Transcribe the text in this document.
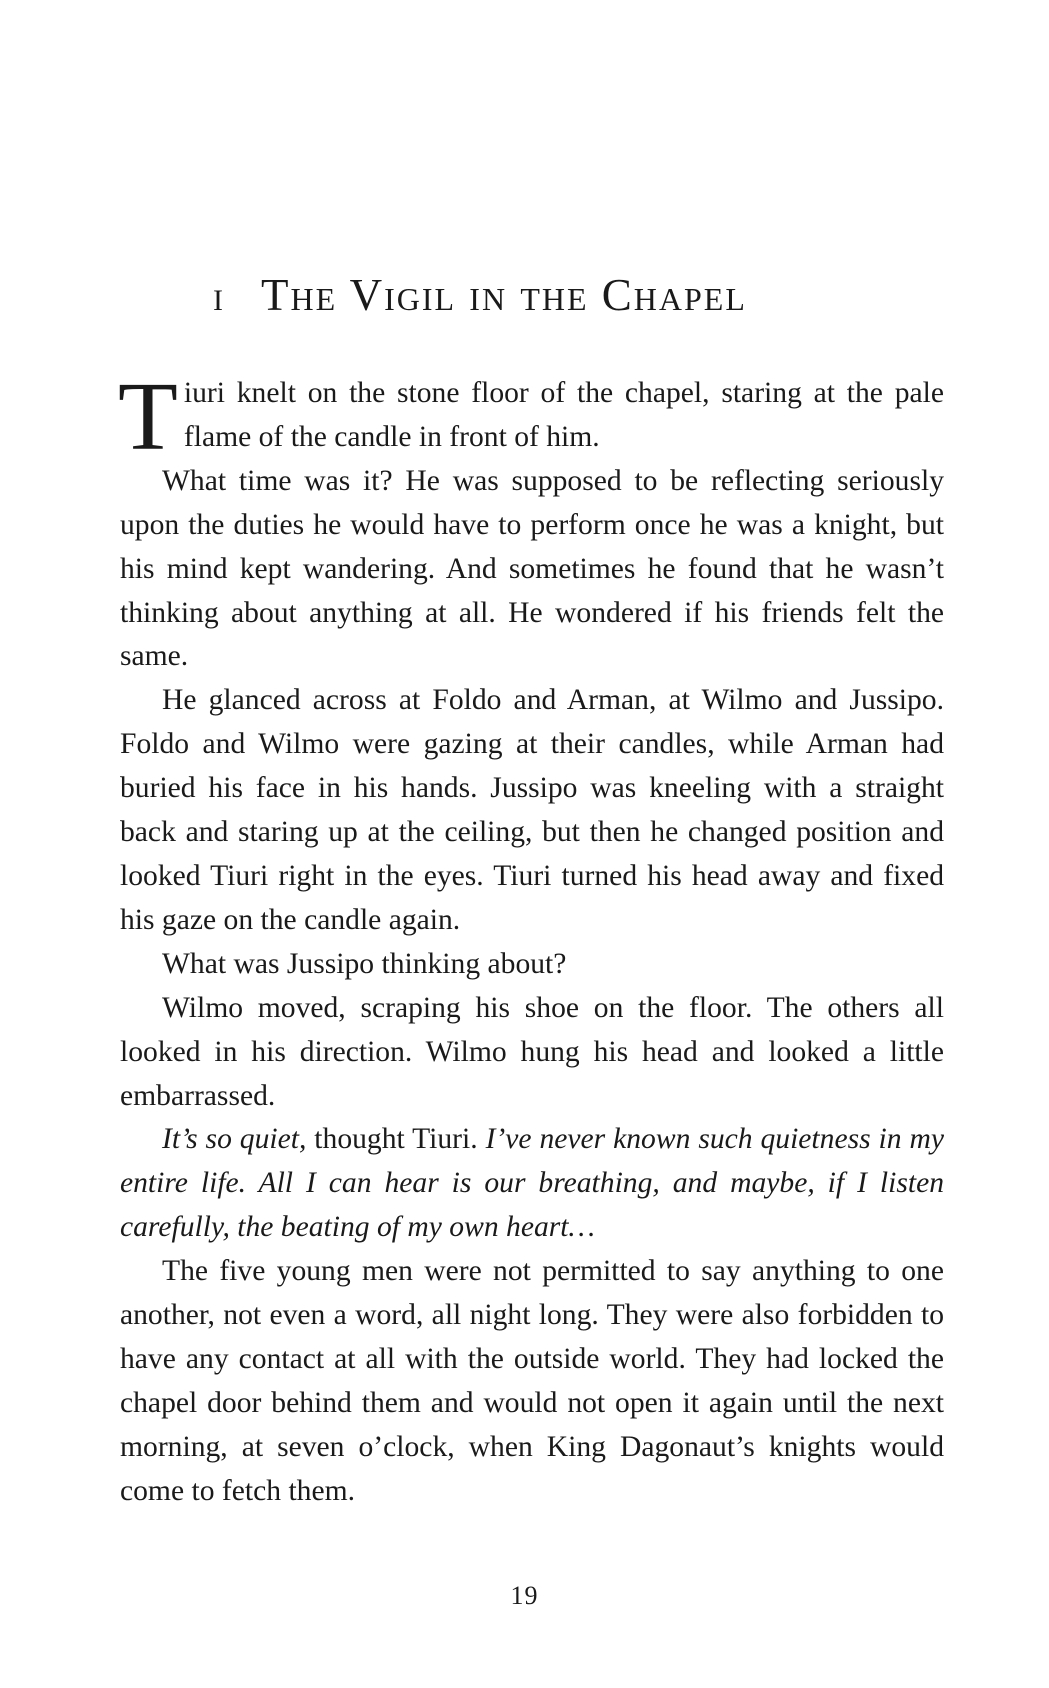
I The Vigil in the Chapel

Tiuri knelt on the stone floor of the chapel, staring at the pale flame of the candle in front of him.

What time was it? He was supposed to be reflecting seriously upon the duties he would have to perform once he was a knight, but his mind kept wandering. And sometimes he found that he wasn’t thinking about anything at all. He wondered if his friends felt the same.

He glanced across at Foldo and Arman, at Wilmo and Jussipo. Foldo and Wilmo were gazing at their candles, while Arman had buried his face in his hands. Jussipo was kneeling with a straight back and staring up at the ceiling, but then he changed position and looked Tiuri right in the eyes. Tiuri turned his head away and fixed his gaze on the candle again.

What was Jussipo thinking about?

Wilmo moved, scraping his shoe on the floor. The others all looked in his direction. Wilmo hung his head and looked a little embarrassed.

It’s so quiet, thought Tiuri. I’ve never known such quietness in my entire life. All I can hear is our breathing, and maybe, if I listen carefully, the beating of my own heart…

The five young men were not permitted to say anything to one another, not even a word, all night long. They were also forbidden to have any contact at all with the outside world. They had locked the chapel door behind them and would not open it again until the next morning, at seven o’clock, when King Dagonaut’s knights would come to fetch them.

19
